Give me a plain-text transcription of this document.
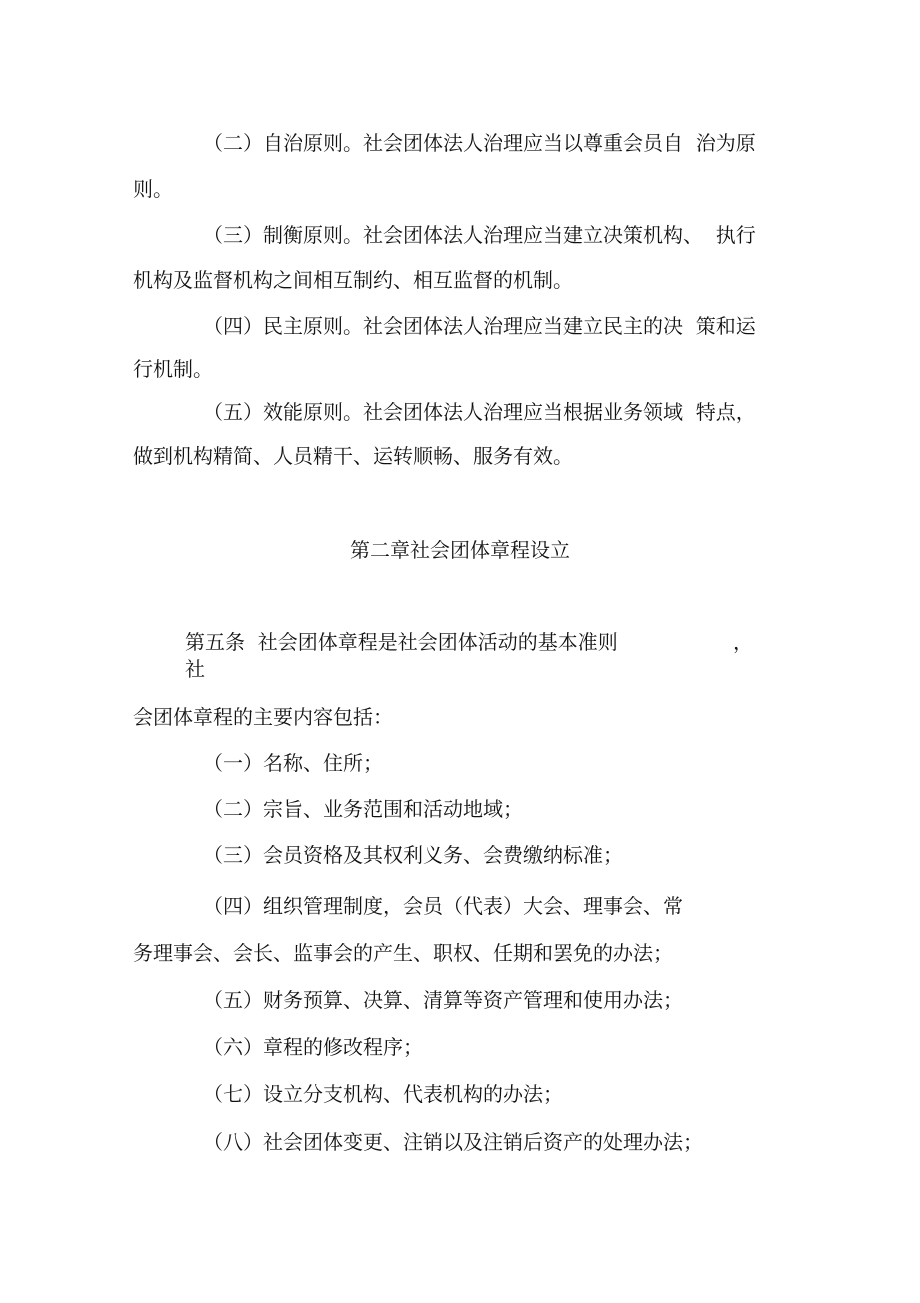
（二）自治原则。社会团体法人治理应当以尊重会员自  治为原
则。
（三）制衡原则。社会团体法人治理应当建立决策机构、  执行
机构及监督机构之间相互制约、相互监督的机制。
（四）民主原则。社会团体法人治理应当建立民主的决  策和运
行机制。
（五）效能原则。社会团体法人治理应当根据业务领域  特点，
做到机构精简、人员精干、运转顺畅、服务有效。
第二章社会团体章程设立
第五条  社会团体章程是社会团体活动的基本准则	，
社
会团体章程的主要内容包括：
（一）名称、住所；
（二）宗旨、业务范围和活动地域；
（三）会员资格及其权利义务、会费缴纳标准；
（四）组织管理制度，会员（代表）大会、理事会、常
务理事会、会长、监事会的产生、职权、任期和罢免的办法；
（五）财务预算、决算、清算等资产管理和使用办法；
（六）章程的修改程序；
（七）设立分支机构、代表机构的办法；
（八）社会团体变更、注销以及注销后资产的处理办法；
